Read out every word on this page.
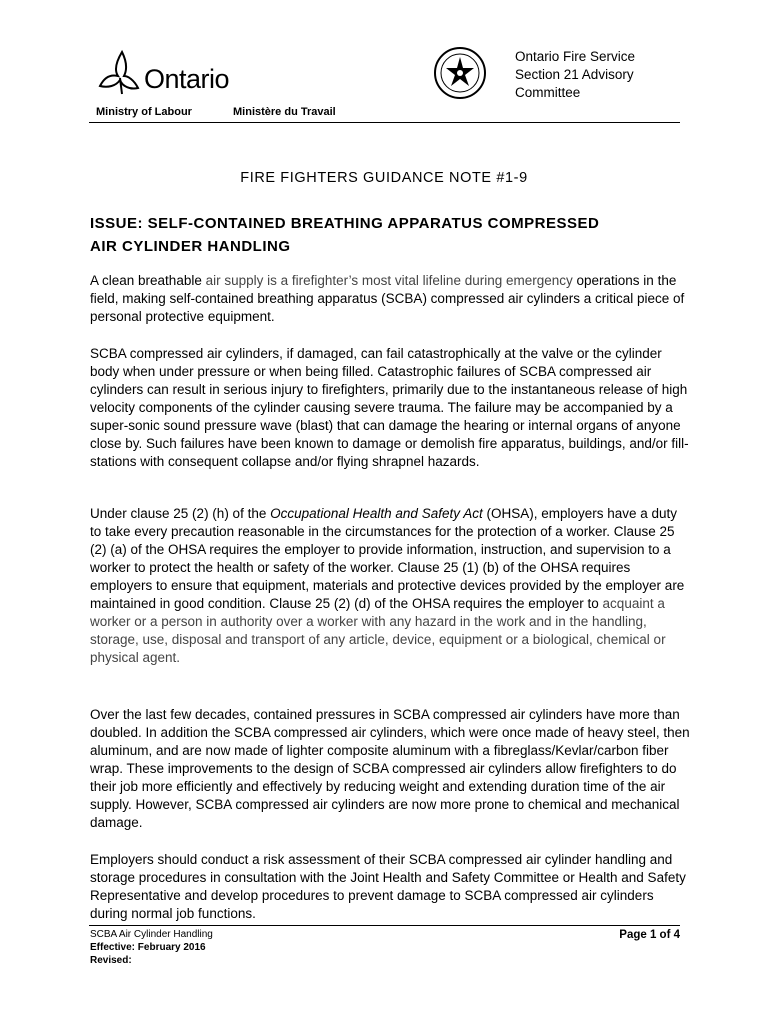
Ontario
Ontario Fire Service
Section 21 Advisory
Committee
Ministry of Labour	Ministère du Travail
FIRE FIGHTERS GUIDANCE NOTE #1-9
ISSUE: SELF-CONTAINED BREATHING APPARATUS COMPRESSED
AIR CYLINDER HANDLING

A clean breathable air supply is a firefighter’s most vital lifeline during emergency operations in the field, making self-contained breathing apparatus (SCBA) compressed air cylinders a critical piece of personal protective equipment.

SCBA compressed air cylinders, if damaged, can fail catastrophically at the valve or the cylinder body when under pressure or when being filled. Catastrophic failures of SCBA compressed air cylinders can result in serious injury to firefighters, primarily due to the instantaneous release of high velocity components of the cylinder causing severe trauma. The failure may be accompanied by a super-sonic sound pressure wave (blast) that can damage the hearing or internal organs of anyone close by. Such failures have been known to damage or demolish fire apparatus, buildings, and/or fill-stations with consequent collapse and/or flying shrapnel hazards.

Under clause 25 (2) (h) of the Occupational Health and Safety Act (OHSA), employers have a duty to take every precaution reasonable in the circumstances for the protection of a worker. Clause 25 (2) (a) of the OHSA requires the employer to provide information, instruction, and supervision to a worker to protect the health or safety of the worker. Clause 25 (1) (b) of the OHSA requires employers to ensure that equipment, materials and protective devices provided by the employer are maintained in good condition. Clause 25 (2) (d) of the OHSA requires the employer to acquaint a worker or a person in authority over a worker with any hazard in the work and in the handling, storage, use, disposal and transport of any article, device, equipment or a biological, chemical or physical agent.

Over the last few decades, contained pressures in SCBA compressed air cylinders have more than doubled. In addition the SCBA compressed air cylinders, which were once made of heavy steel, then aluminum, and are now made of lighter composite aluminum with a fibreglass/Kevlar/carbon fiber wrap. These improvements to the design of SCBA compressed air cylinders allow firefighters to do their job more efficiently and effectively by reducing weight and extending duration time of the air supply. However, SCBA compressed air cylinders are now more prone to chemical and mechanical damage.

Employers should conduct a risk assessment of their SCBA compressed air cylinder handling and storage procedures in consultation with the Joint Health and Safety Committee or Health and Safety Representative and develop procedures to prevent damage to SCBA compressed air cylinders during normal job functions.

SCBA Air Cylinder Handling
Effective: February 2016
Revised:
Page 1 of 4
